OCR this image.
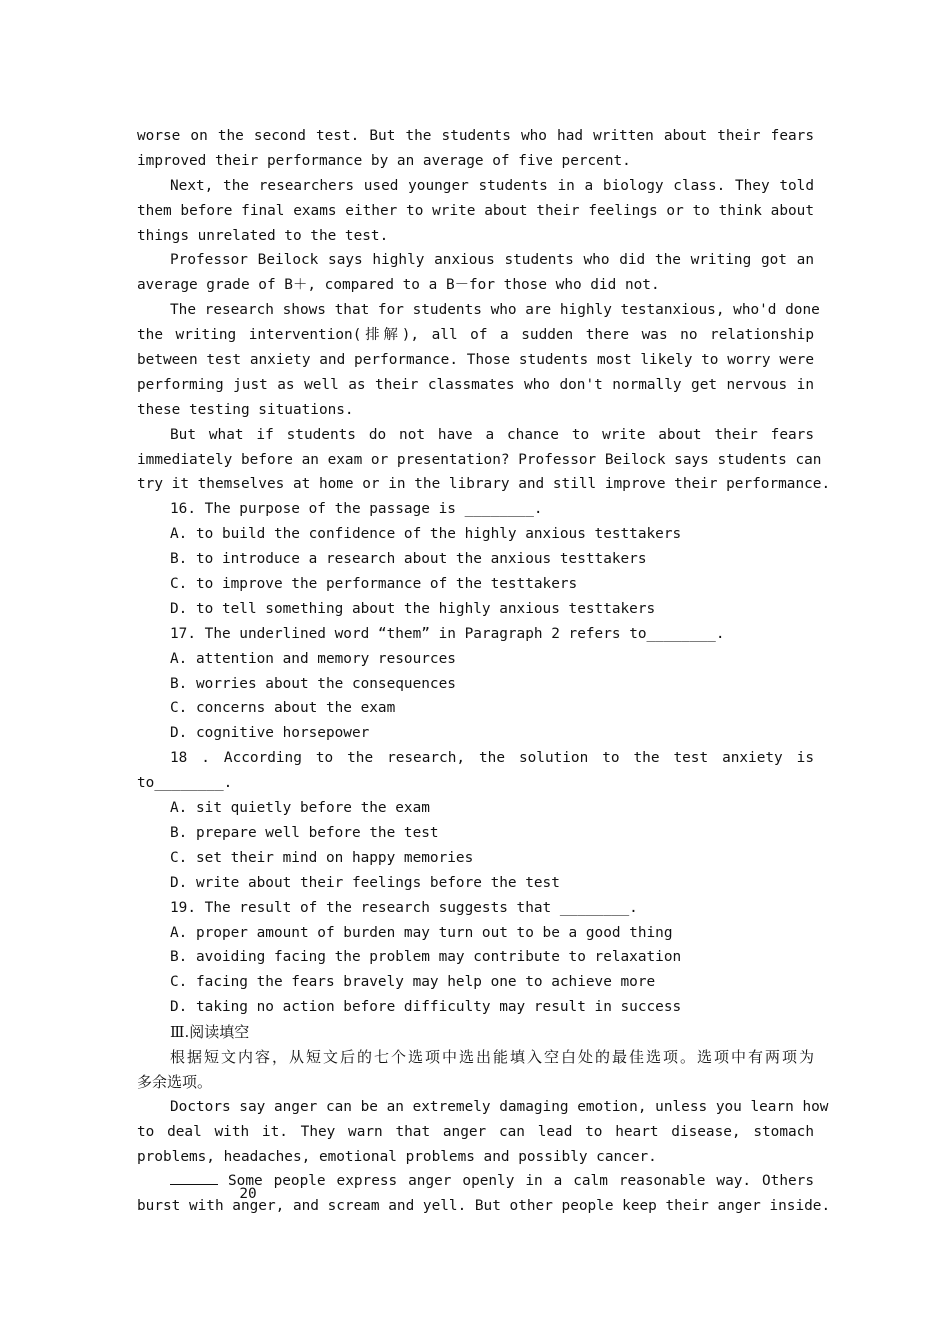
worse on the second test. But the students who had written about their fears
improved their performance by an average of five percent.
Next, the researchers used younger students in a biology class. They told
them before final exams either to write about their feelings or to think about
things unrelated to the test.
Professor Beilock says highly anxious students who did the writing got an
average grade of B＋, compared to a B－for those who did not.
The research shows that for students who are highly testanxious, who'd done
the writing intervention(排解), all of a sudden there was no relationship
between test anxiety and performance. Those students most likely to worry were
performing just as well as their classmates who don't normally get nervous in
these testing situations.
But what if students do not have a chance to write about their fears
immediately before an exam or presentation? Professor Beilock says students can
try it themselves at home or in the library and still improve their performance.
16. The purpose of the passage is ________.
A. to build the confidence of the highly anxious testtakers
B. to introduce a research about the anxious testtakers
C. to improve the performance of the testtakers
D. to tell something about the highly anxious testtakers
17. The underlined word “them” in Paragraph 2 refers to________.
A. attention and memory resources
B. worries about the consequences
C. concerns about the exam
D. cognitive horsepower
18 . According to the research, the solution to the test anxiety is
to________.
A. sit quietly before the exam
B. prepare well before the test
C. set their mind on happy memories
D. write about their feelings before the test
19. The result of the research suggests that ________.
A. proper amount of burden may turn out to be a good thing
B. avoiding facing the problem may contribute to relaxation
C. facing the fears bravely may help one to achieve more
D. taking no action before difficulty may result in success
Ⅲ.阅读填空
根据短文内容，从短文后的七个选项中选出能填入空白处的最佳选项。选项中有两项为
多余选项。
Doctors say anger can be an extremely damaging emotion, unless you learn how
to deal with it. They warn that anger can lead to heart disease, stomach
problems, headaches, emotional problems and possibly cancer.

20

Some people express anger openly in a calm reasonable way. Others
burst with anger, and scream and yell. But other people keep their anger inside.
